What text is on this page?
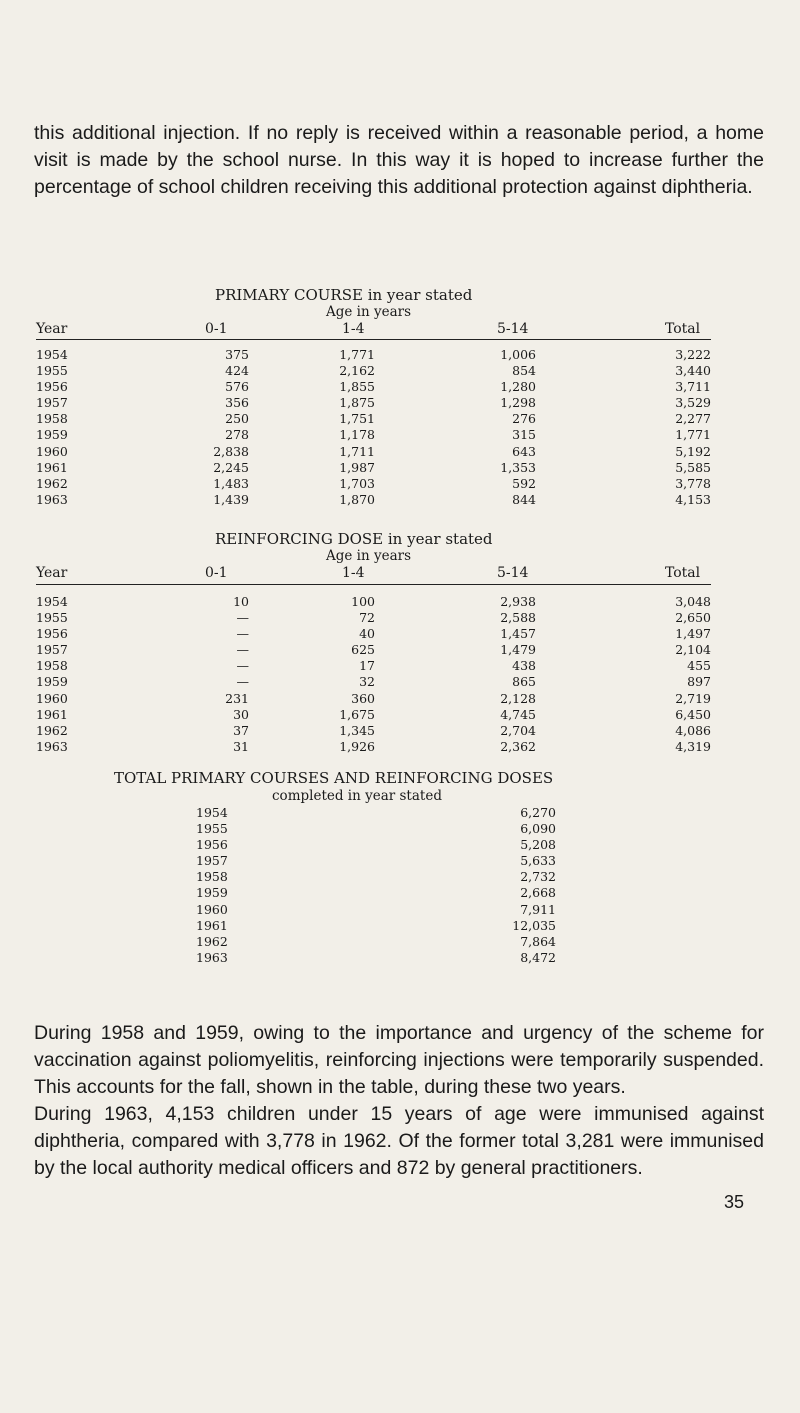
this additional injection. If no reply is received within a reasonable period, a home visit is made by the school nurse. In this way it is hoped to increase further the percentage of school children receiving this additional protection against diphtheria.

PRIMARY COURSE in year stated
Age in years
Year	0-1	1-4	5-14	Total
1954	375	1,771	1,006	3,222
1955	424	2,162	854	3,440
1956	576	1,855	1,280	3,711
1957	356	1,875	1,298	3,529
1958	250	1,751	276	2,277
1959	278	1,178	315	1,771
1960	2,838	1,711	643	5,192
1961	2,245	1,987	1,353	5,585
1962	1,483	1,703	592	3,778
1963	1,439	1,870	844	4,153
REINFORCING DOSE in year stated
Age in years
Year	0-1	1-4	5-14	Total
1954	10	100	2,938	3,048
1955	—	72	2,588	2,650
1956	—	40	1,457	1,497
1957	—	625	1,479	2,104
1958	—	17	438	455
1959	—	32	865	897
1960	231	360	2,128	2,719
1961	30	1,675	4,745	6,450
1962	37	1,345	2,704	4,086
1963	31	1,926	2,362	4,319
TOTAL PRIMARY COURSES AND REINFORCING DOSES
completed in year stated
1954	6,270
1955	6,090
1956	5,208
1957	5,633
1958	2,732
1959	2,668
1960	7,911
1961	12,035
1962	7,864
1963	8,472

During 1958 and 1959, owing to the importance and urgency of the scheme for vaccination against poliomyelitis, reinforcing injections were temporarily suspended. This accounts for the fall, shown in the table, during these two years.

During 1963, 4,153 children under 15 years of age were immunised against diphtheria, compared with 3,778 in 1962. Of the former total 3,281 were immunised by the local authority medical officers and 872 by general practitioners.

35
